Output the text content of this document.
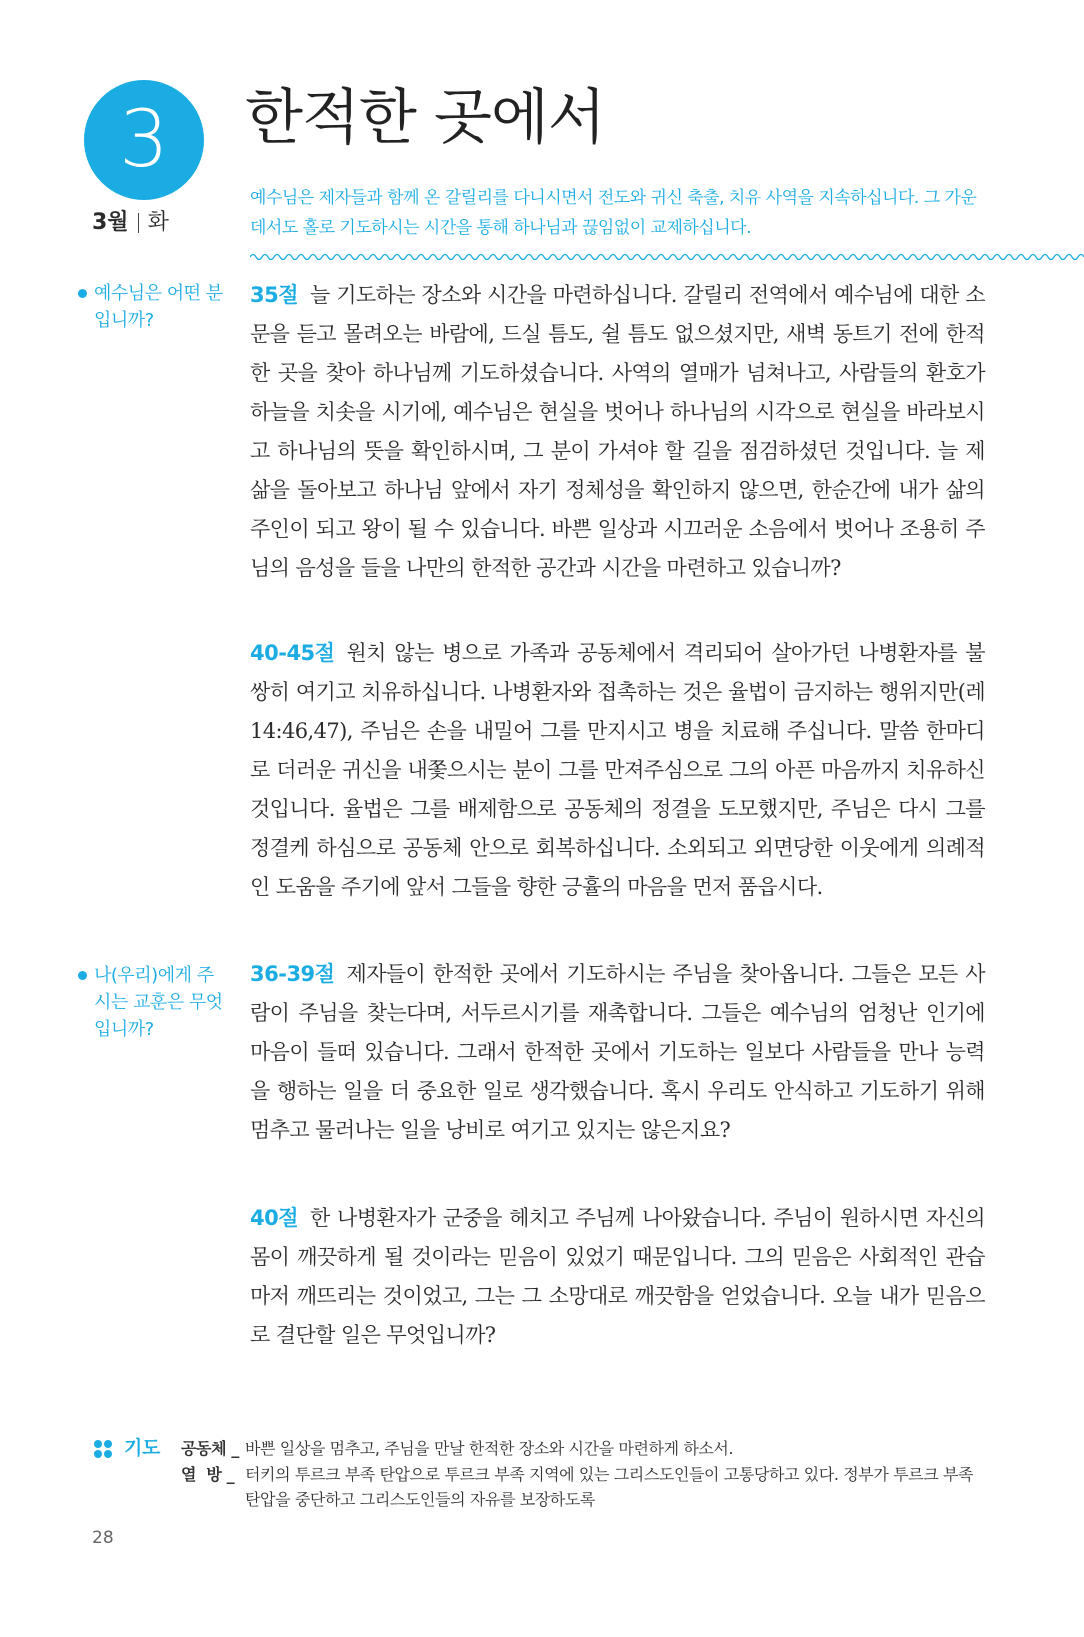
3
3월 화
한적한 곳에서

예수님은 제자들과 함께 온 갈릴리를 다니시면서 전도와 귀신 축출, 치유 사역을 지속하십니다. 그 가운데서도 홀로 기도하시는 시간을 통해 하나님과 끊임없이 교제하십니다.

예수님은 어떤 분입니까?
나(우리)에게 주시는 교훈은 무엇입니까?

35절 늘 기도하는 장소와 시간을 마련하십니다. 갈릴리 전역에서 예수님에 대한 소문을 듣고 몰려오는 바람에, 드실 틈도, 쉴 틈도 없으셨지만, 새벽 동트기 전에 한적한 곳을 찾아 하나님께 기도하셨습니다. 사역의 열매가 넘쳐나고, 사람들의 환호가 하늘을 치솟을 시기에, 예수님은 현실을 벗어나 하나님의 시각으로 현실을 바라보시고 하나님의 뜻을 확인하시며, 그 분이 가셔야 할 길을 점검하셨던 것입니다. 늘 제 삶을 돌아보고 하나님 앞에서 자기 정체성을 확인하지 않으면, 한순간에 내가 삶의 주인이 되고 왕이 될 수 있습니다. 바쁜 일상과 시끄러운 소음에서 벗어나 조용히 주님의 음성을 들을 나만의 한적한 공간과 시간을 마련하고 있습니까?

40-45절 원치 않는 병으로 가족과 공동체에서 격리되어 살아가던 나병환자를 불쌍히 여기고 치유하십니다. 나병환자와 접촉하는 것은 율법이 금지하는 행위지만(레 14:46,47), 주님은 손을 내밀어 그를 만지시고 병을 치료해 주십니다. 말씀 한마디로 더러운 귀신을 내쫓으시는 분이 그를 만져주심으로 그의 아픈 마음까지 치유하신 것입니다. 율법은 그를 배제함으로 공동체의 정결을 도모했지만, 주님은 다시 그를 정결케 하심으로 공동체 안으로 회복하십니다. 소외되고 외면당한 이웃에게 의례적인 도움을 주기에 앞서 그들을 향한 긍휼의 마음을 먼저 품읍시다.

36-39절 제자들이 한적한 곳에서 기도하시는 주님을 찾아옵니다. 그들은 모든 사람이 주님을 찾는다며, 서두르시기를 재촉합니다. 그들은 예수님의 엄청난 인기에 마음이 들떠 있습니다. 그래서 한적한 곳에서 기도하는 일보다 사람들을 만나 능력을 행하는 일을 더 중요한 일로 생각했습니다. 혹시 우리도 안식하고 기도하기 위해 멈추고 물러나는 일을 낭비로 여기고 있지는 않은지요?

40절 한 나병환자가 군중을 헤치고 주님께 나아왔습니다. 주님이 원하시면 자신의 몸이 깨끗하게 될 것이라는 믿음이 있었기 때문입니다. 그의 믿음은 사회적인 관습마저 깨뜨리는 것이었고, 그는 그 소망대로 깨끗함을 얻었습니다. 오늘 내가 믿음으로 결단할 일은 무엇입니까?

기도 공동체 _ 바쁜 일상을 멈추고, 주님을 만날 한적한 장소와 시간을 마련하게 하소서.
열  방 _ 터키의 투르크 부족 탄압으로 투르크 부족 지역에 있는 그리스도인들이 고통당하고 있다. 정부가 투르크 부족 탄압을 중단하고 그리스도인들의 자유를 보장하도록
28
